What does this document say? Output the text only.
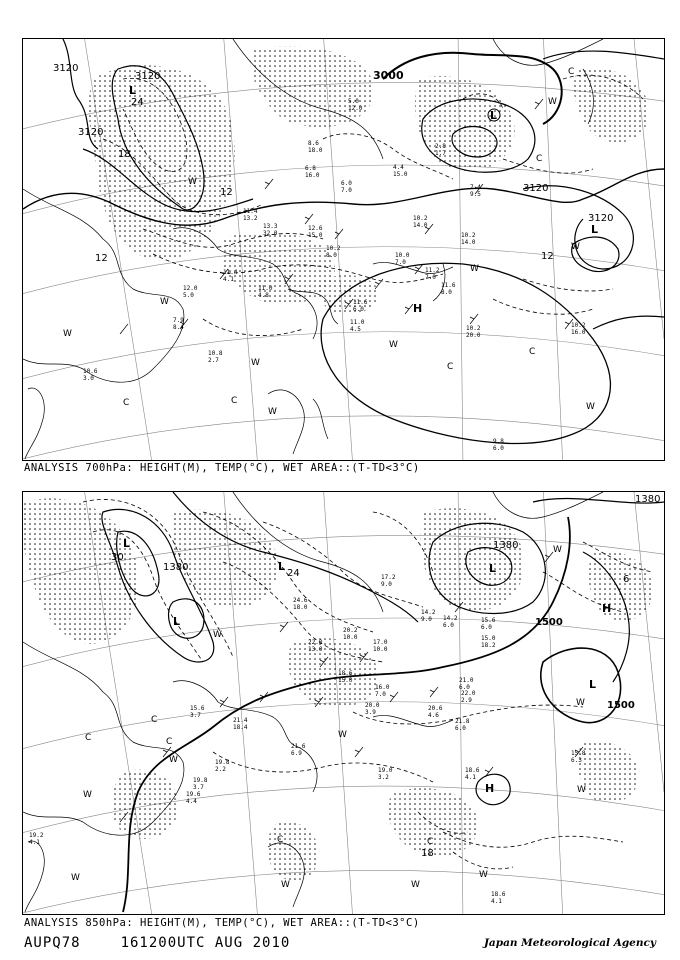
3120
3120
3120
3000
3120
3120
24
18
12
12	12
L
L
L
H
W
W
W
W
W
W
W
W
W
W
C	C
C
C
C
C
8.6
18.0
6.8
16.0
11.4
13.2
13.3
32.0
12.6
15.0
11.4
4.1
11.0
4.8
12.0
5.0
7.9
8.4
10.8
2.7
10.6
3.0
11.6
6.0
11.0
4.5
10.2
14.0
10.2
14.0
10.0
7.0
11.2
7.0
11.6
8.0
10.2
20.0
10.2
16.0
5.0
12.0
4.4
15.0
6.0
7.0
2.8
1.7
9.8
6.0
10.2
8.0
7.4
9.5
ANALYSIS 700hPa: HEIGHT(M), TEMP(°C), WET AREA::(T-TD<3°C)
1380
1380
1380
1500
1500
30
24
18
6
L
L
L
L
L
H
H
W
W
W
W
W
W
W
W	W
W
W
C
C	C
C	C
24.6
18.0
22.0
13.0
20.2
10.0
17.0
10.0
14.2
9.0
18.6
15.0
16.0
7.0
20.0
3.9
19.0
3.2
19.8
2.2
21.4
18.4
15.6
3.7
21.6
6.9
20.6
4.6
22.0
2.9
21.8
6.0
18.6
4.1
15.8
6.3
18.6
4.1
19.2
4.1
15.6
6.0
17.2
9.0
14.2
6.0
15.0
18.2
21.0
6.0
19.6
4.4
19.8
3.7
ANALYSIS 850hPa: HEIGHT(M), TEMP(°C), WET AREA::(T-TD<3°C)
AUPQ78	161200UTC AUG 2010	Japan Meteorological Agency
